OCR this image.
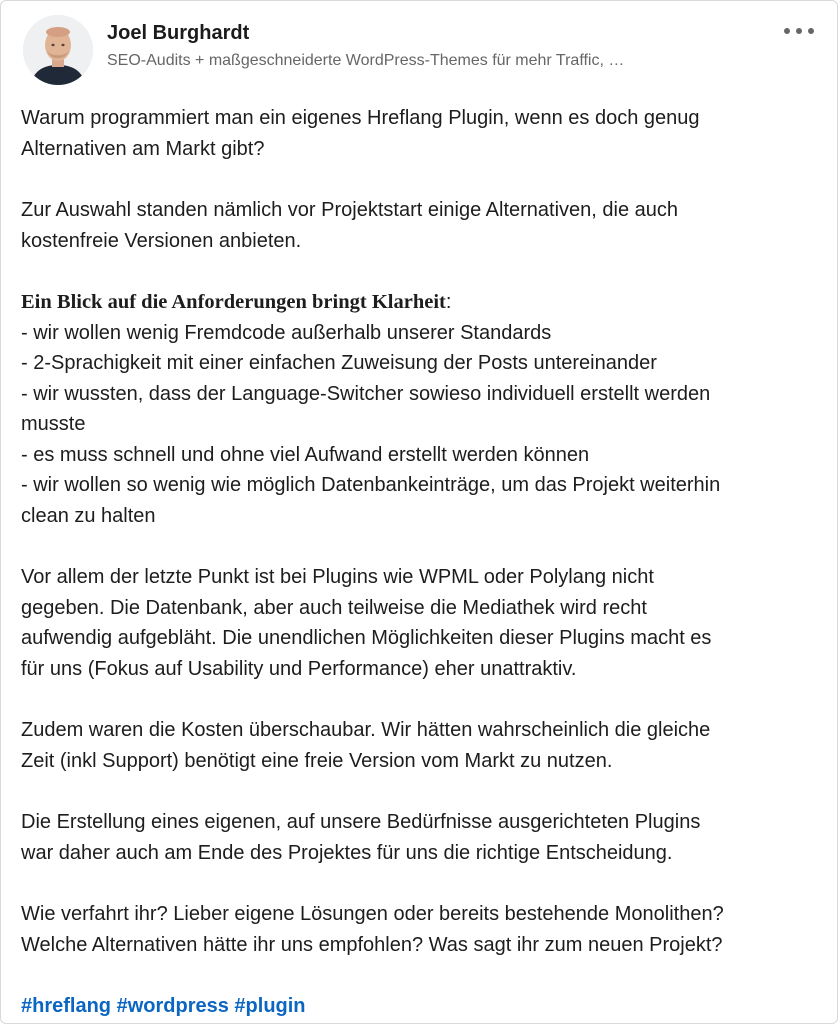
Joel Burghardt
SEO-Audits + maßgeschneiderte WordPress-Themes für mehr Traffic, …

Warum programmiert man ein eigenes Hreflang Plugin, wenn es doch genug
Alternativen am Markt gibt?

Zur Auswahl standen nämlich vor Projektstart einige Alternativen, die auch
kostenfreie Versionen anbieten.

Ein Blick auf die Anforderungen bringt Klarheit:
- wir wollen wenig Fremdcode außerhalb unserer Standards
- 2-Sprachigkeit mit einer einfachen Zuweisung der Posts untereinander
- wir wussten, dass der Language-Switcher sowieso individuell erstellt werden
musste
- es muss schnell und ohne viel Aufwand erstellt werden können
- wir wollen so wenig wie möglich Datenbankeinträge, um das Projekt weiterhin
clean zu halten

Vor allem der letzte Punkt ist bei Plugins wie WPML oder Polylang nicht
gegeben. Die Datenbank, aber auch teilweise die Mediathek wird recht
aufwendig aufgebläht. Die unendlichen Möglichkeiten dieser Plugins macht es
für uns (Fokus auf Usability und Performance) eher unattraktiv.

Zudem waren die Kosten überschaubar. Wir hätten wahrscheinlich die gleiche
Zeit (inkl Support) benötigt eine freie Version vom Markt zu nutzen.

Die Erstellung eines eigenen, auf unsere Bedürfnisse ausgerichteten Plugins
war daher auch am Ende des Projektes für uns die richtige Entscheidung.

Wie verfahrt ihr? Lieber eigene Lösungen oder bereits bestehende Monolithen?
Welche Alternativen hätte ihr uns empfohlen? Was sagt ihr zum neuen Projekt?

#hreflang #wordpress #plugin
